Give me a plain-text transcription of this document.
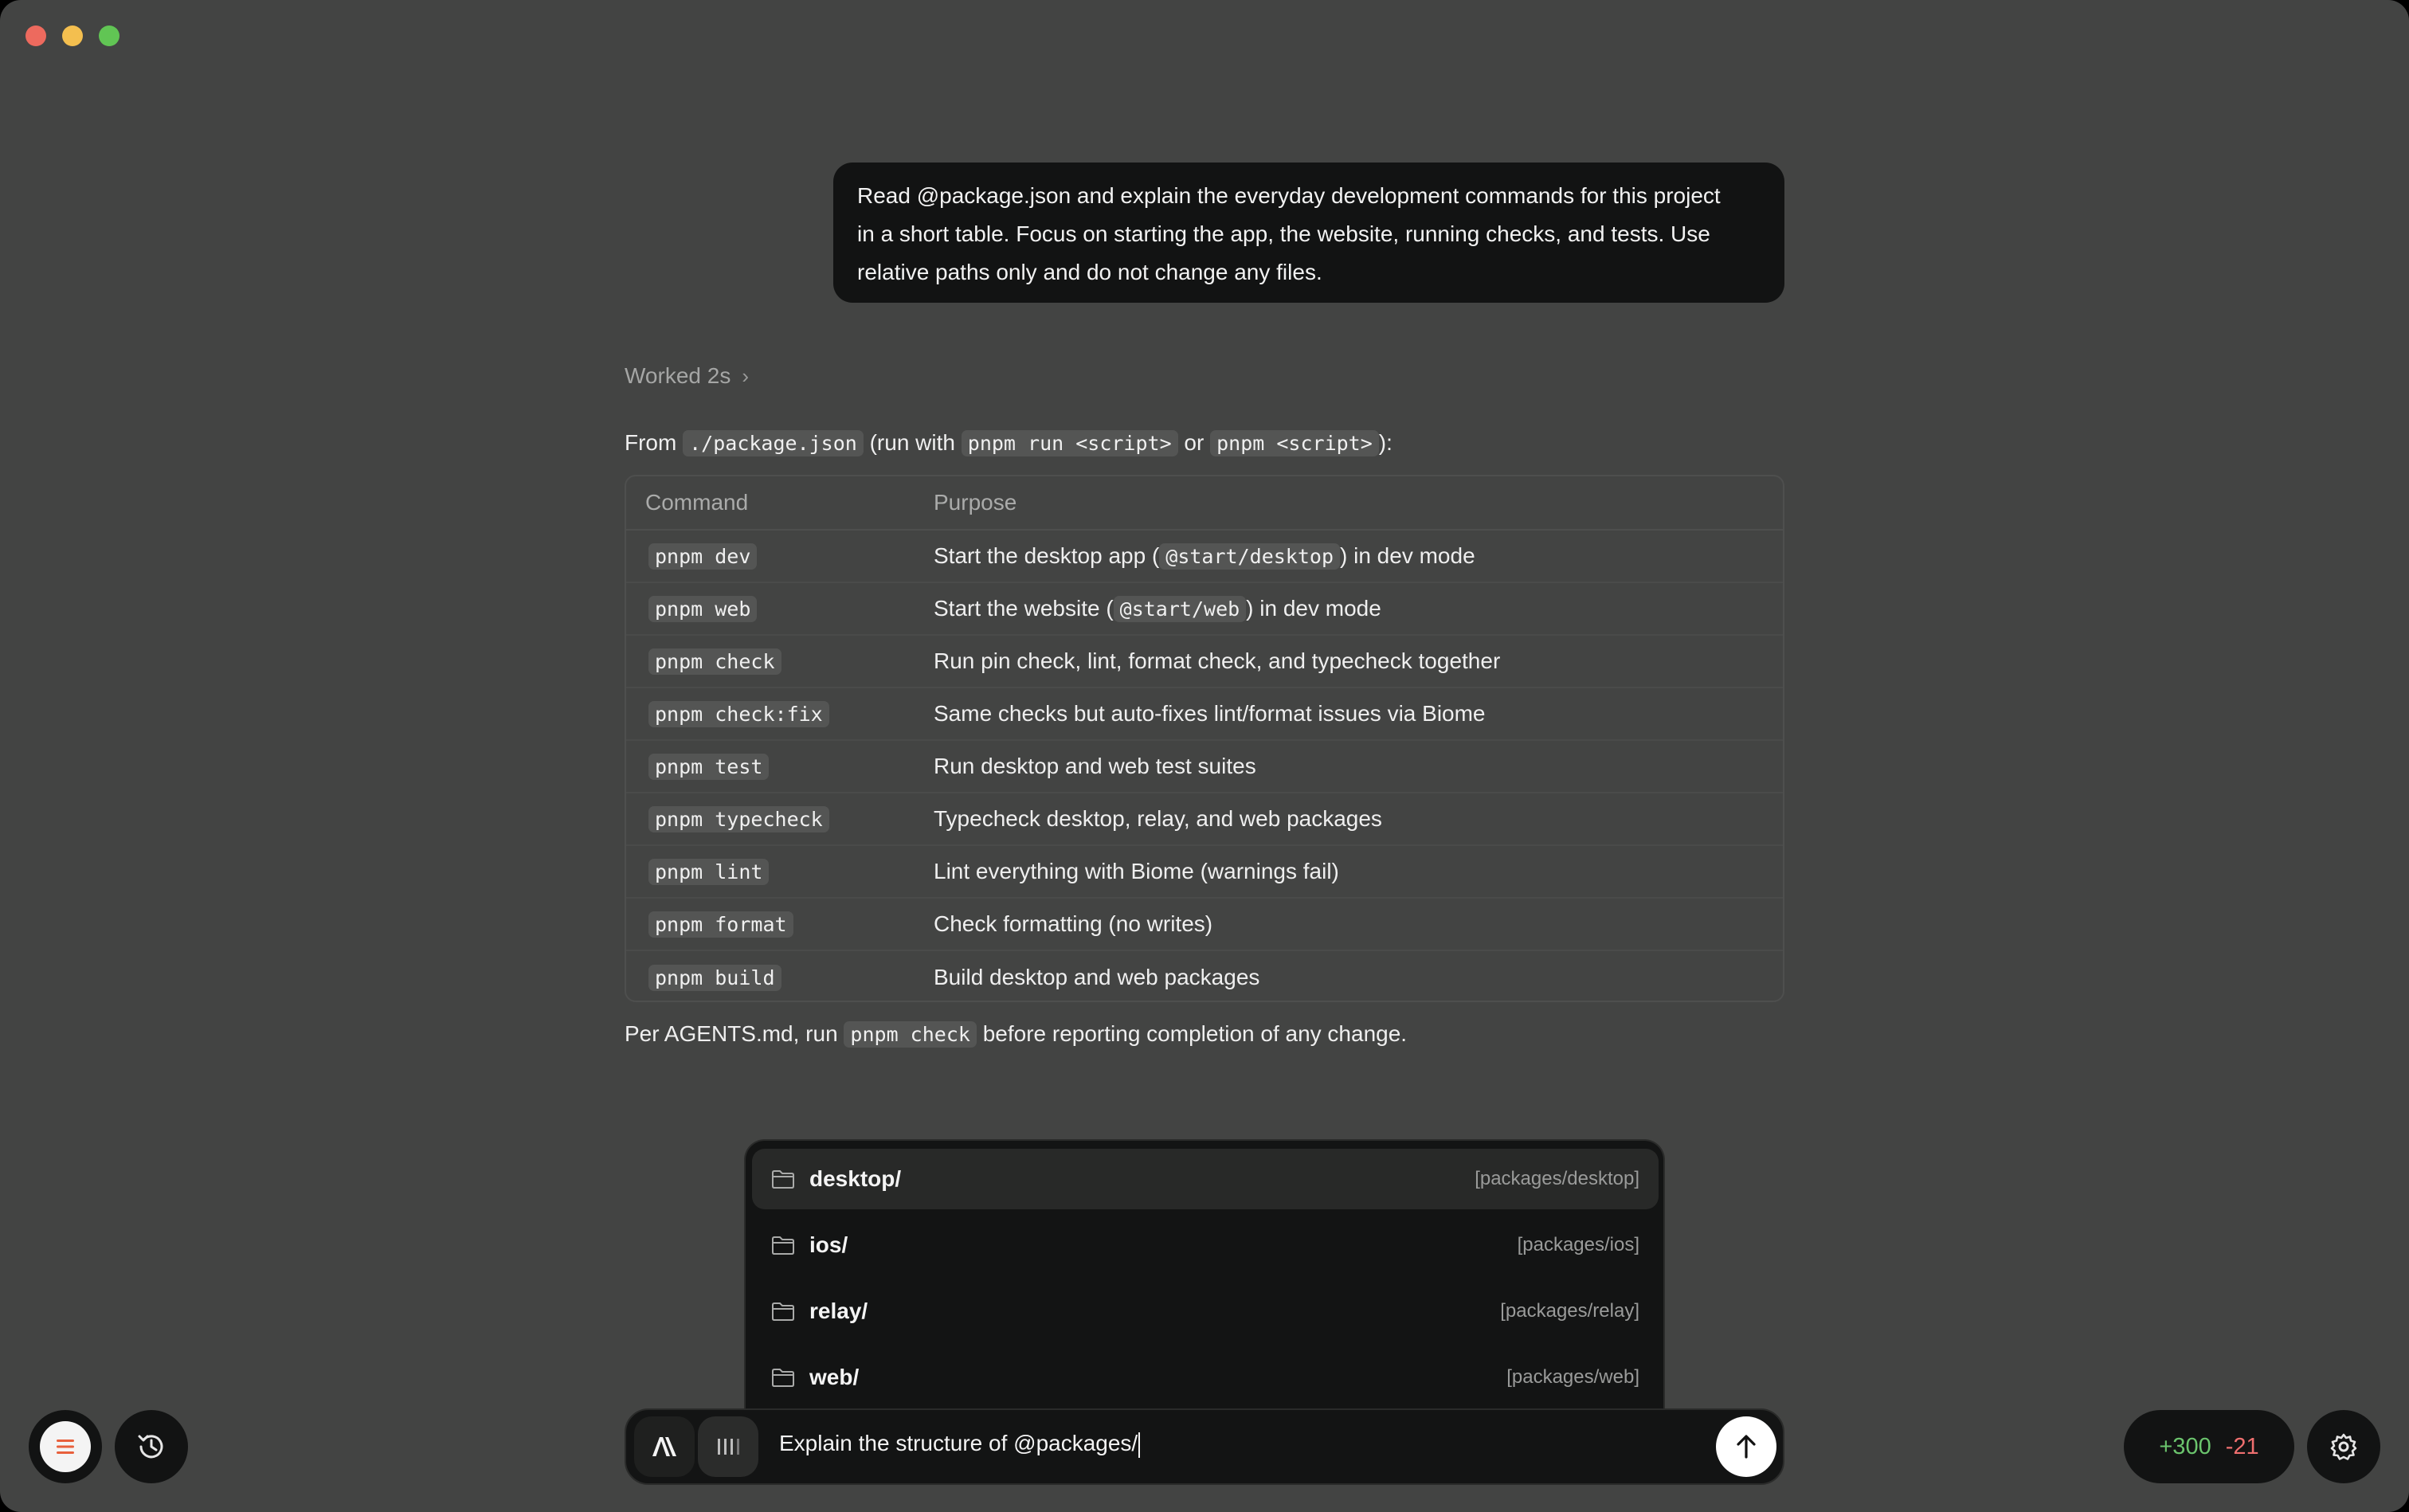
Read @package.json and explain the everyday development commands for this project
in a short table. Focus on starting the app, the website, running checks, and tests. Use
relative paths only and do not change any files.
Worked 2s ›
From ./package.json (run with pnpm run <script> or pnpm <script> ):
Command	Purpose
pnpm dev	Start the desktop app ( @start/desktop ) in dev mode
pnpm web	Start the website ( @start/web ) in dev mode
pnpm check	Run pin check, lint, format check, and typecheck together
pnpm check:fix	Same checks but auto-fixes lint/format issues via Biome
pnpm test	Run desktop and web test suites
pnpm typecheck	Typecheck desktop, relay, and web packages
pnpm lint	Lint everything with Biome (warnings fail)
pnpm format	Check formatting (no writes)
pnpm build	Build desktop and web packages
Per AGENTS.md, run pnpm check before reporting completion of any change.
desktop/	[packages/desktop]
ios/	[packages/ios]
relay/	[packages/relay]
web/	[packages/web]
Explain the structure of @packages/	+300 -21
